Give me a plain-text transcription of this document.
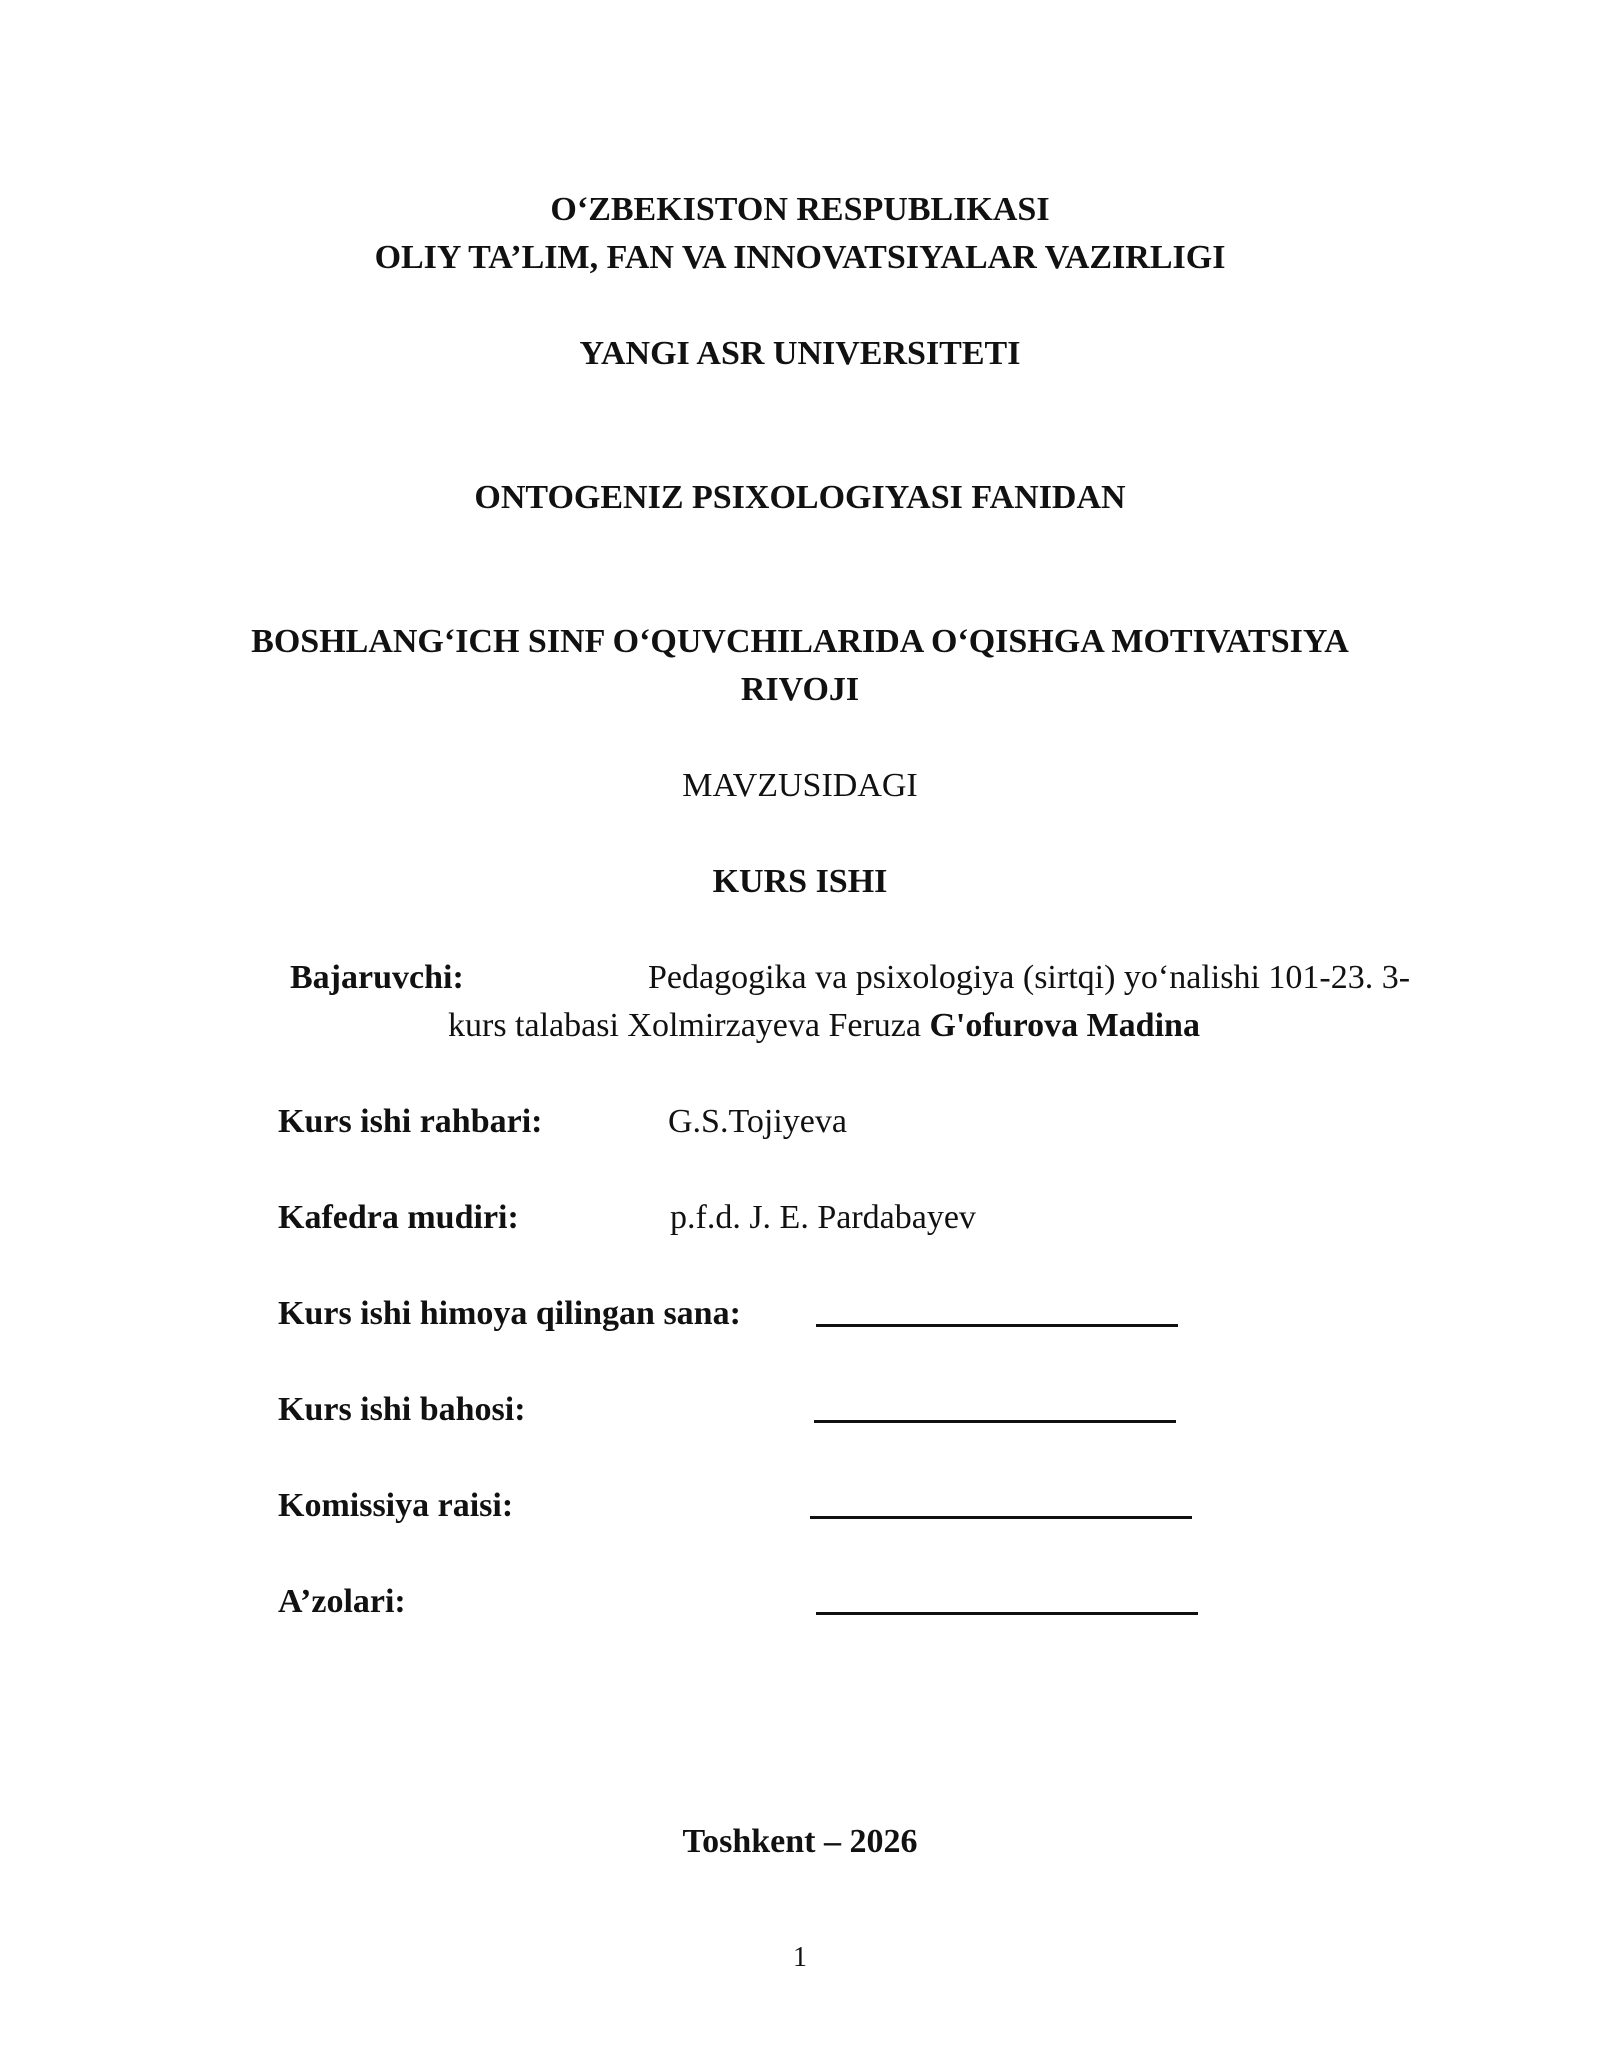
O‘ZBEKISTON RESPUBLIKASI
OLIY TA’LIM, FAN VA INNOVATSIYALAR VAZIRLIGI
YANGI ASR UNIVERSITETI
ONTOGENIZ PSIXOLOGIYASI FANIDAN
BOSHLANG‘ICH SINF O‘QUVCHILARIDA O‘QISHGA MOTIVATSIYA
RIVOJI
MAVZUSIDAGI
KURS ISHI
Bajaruvchi:	Pedagogika va psixologiya (sirtqi) yo‘nalishi 101-23. 3-
kurs talabasi Xolmirzayeva Feruza G'ofurova Madina
Kurs ishi rahbari:	G.S.Tojiyeva
Kafedra mudiri:	p.f.d. J. E. Pardabayev
Kurs ishi himoya qilingan sana:
Kurs ishi bahosi:
Komissiya raisi:
A’zolari:
Toshkent – 2026
1
